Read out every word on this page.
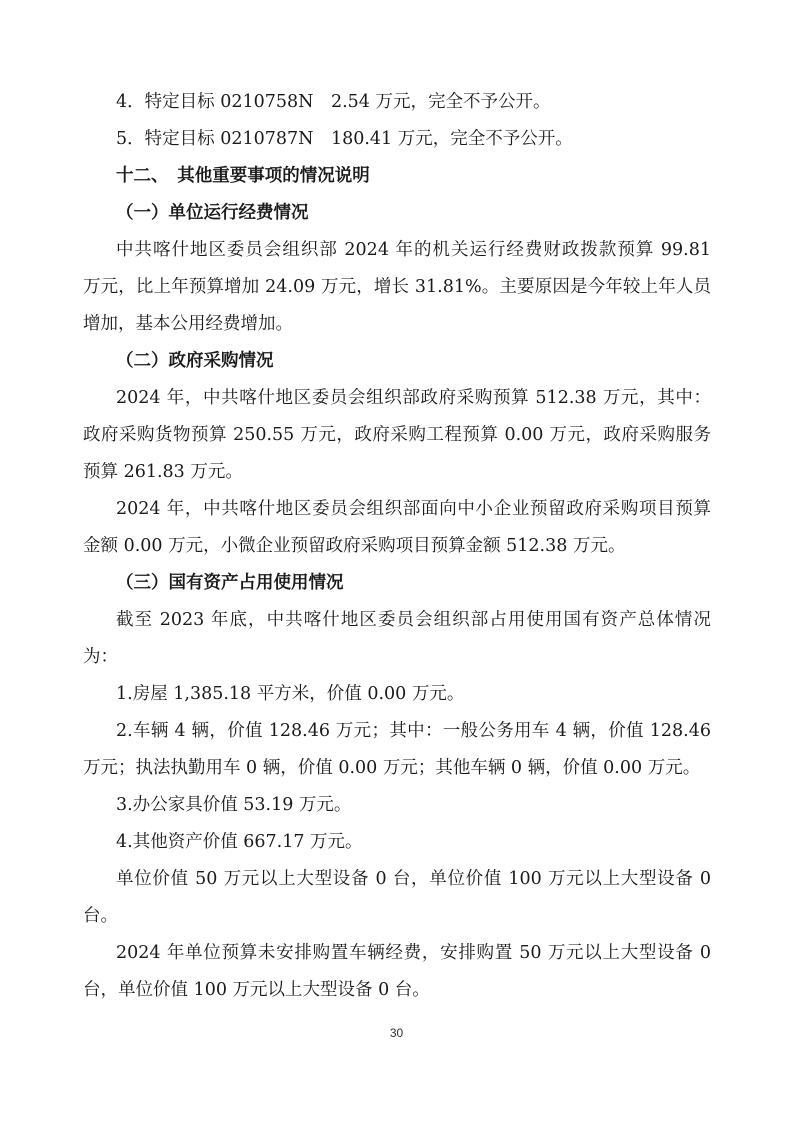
4．特定目标 0210758N　2.54 万元，完全不予公开。
5．特定目标 0210787N　180.41 万元，完全不予公开。
十二、　其他重要事项的情况说明
（一）单位运行经费情况
中共喀什地区委员会组织部 2024 年的机关运行经费财政拨款预算 99.81
万元，比上年预算增加 24.09 万元，增长 31.81%。主要原因是今年较上年人员
增加，基本公用经费增加。
（二）政府采购情况
2024 年，中共喀什地区委员会组织部政府采购预算 512.38 万元，其中：
政府采购货物预算 250.55 万元，政府采购工程预算 0.00 万元，政府采购服务
预算 261.83 万元。
2024 年，中共喀什地区委员会组织部面向中小企业预留政府采购项目预算
金额 0.00 万元，小微企业预留政府采购项目预算金额 512.38 万元。
（三）国有资产占用使用情况
截至 2023 年底，中共喀什地区委员会组织部占用使用国有资产总体情况
为：
1.房屋 1,385.18 平方米，价值 0.00 万元。
2.车辆 4 辆，价值 128.46 万元；其中：一般公务用车 4 辆，价值 128.46
万元；执法执勤用车 0 辆，价值 0.00 万元；其他车辆 0 辆，价值 0.00 万元。
3.办公家具价值 53.19 万元。
4.其他资产价值 667.17 万元。
单位价值 50 万元以上大型设备 0 台，单位价值 100 万元以上大型设备 0
台。
2024 年单位预算未安排购置车辆经费，安排购置 50 万元以上大型设备 0
台，单位价值 100 万元以上大型设备 0 台。
30
